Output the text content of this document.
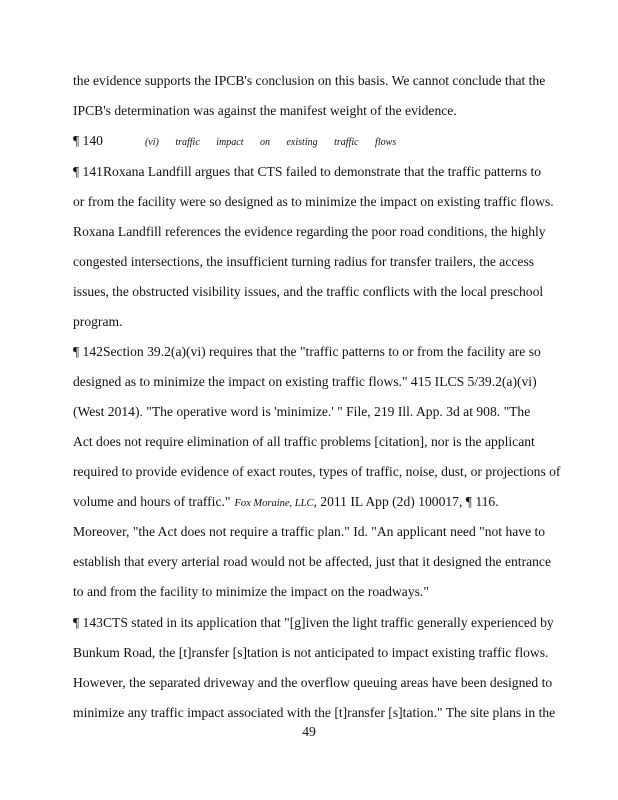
the evidence supports the IPCB's conclusion on this basis. We cannot conclude that the
IPCB's determination was against the manifest weight of the evidence.
¶ 140	(vi) traffic impact on existing traffic flows
¶ 141Roxana Landfill argues that CTS failed to demonstrate that the traffic patterns to
or from the facility were so designed as to minimize the impact on existing traffic flows.
Roxana Landfill references the evidence regarding the poor road conditions, the highly
congested intersections, the insufficient turning radius for transfer trailers, the access
issues, the obstructed visibility issues, and the traffic conflicts with the local preschool
program.
¶ 142Section 39.2(a)(vi) requires that the "traffic patterns to or from the facility are so
designed as to minimize the impact on existing traffic flows." 415 ILCS 5/39.2(a)(vi)
(West 2014). "The operative word is 'minimize.' " File, 219 Ill. App. 3d at 908. "The
Act does not require elimination of all traffic problems [citation], nor is the applicant
required to provide evidence of exact routes, types of traffic, noise, dust, or projections of
volume and hours of traffic." Fox Moraine, LLC, 2011 IL App (2d) 100017, ¶ 116.
Moreover, "the Act does not require a traffic plan." Id. "An applicant need "not have to
establish that every arterial road would not be affected, just that it designed the entrance
to and from the facility to minimize the impact on the roadways."
¶ 143CTS stated in its application that "[g]iven the light traffic generally experienced by
Bunkum Road, the [t]ransfer [s]tation is not anticipated to impact existing traffic flows.
However, the separated driveway and the overflow queuing areas have been designed to
minimize any traffic impact associated with the [t]ransfer [s]tation." The site plans in the
49
